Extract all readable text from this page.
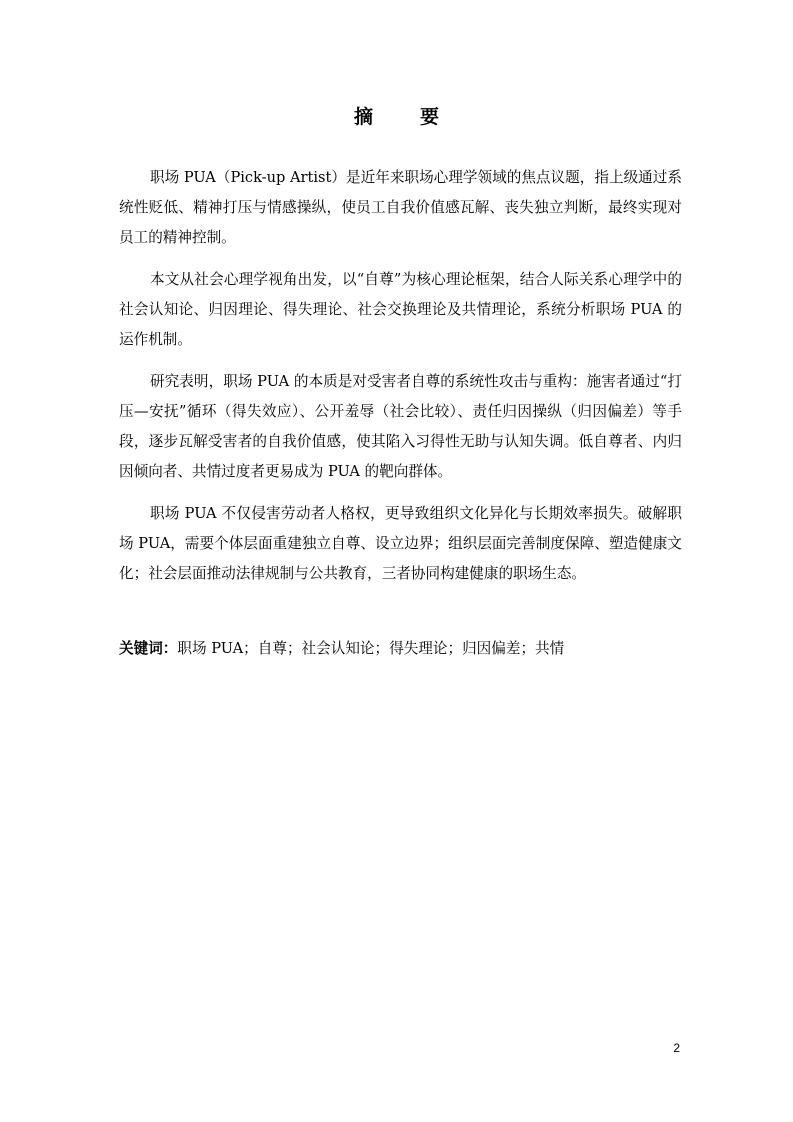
摘　要

职场 PUA（Pick-up Artist）是近年来职场心理学领域的焦点议题，指上级通过系统性贬低、精神打压与情感操纵，使员工自我价值感瓦解、丧失独立判断，最终实现对员工的精神控制。

本文从社会心理学视角出发，以“自尊”为核心理论框架，结合人际关系心理学中的社会认知论、归因理论、得失理论、社会交换理论及共情理论，系统分析职场 PUA 的运作机制。

研究表明，职场 PUA 的本质是对受害者自尊的系统性攻击与重构：施害者通过“打压—安抚”循环（得失效应）、公开羞辱（社会比较）、责任归因操纵（归因偏差）等手段，逐步瓦解受害者的自我价值感，使其陷入习得性无助与认知失调。低自尊者、内归因倾向者、共情过度者更易成为 PUA 的靶向群体。

职场 PUA 不仅侵害劳动者人格权，更导致组织文化异化与长期效率损失。破解职场 PUA，需要个体层面重建独立自尊、设立边界；组织层面完善制度保障、塑造健康文化；社会层面推动法律规制与公共教育，三者协同构建健康的职场生态。

关键词：职场 PUA；自尊；社会认知论；得失理论；归因偏差；共情
2
